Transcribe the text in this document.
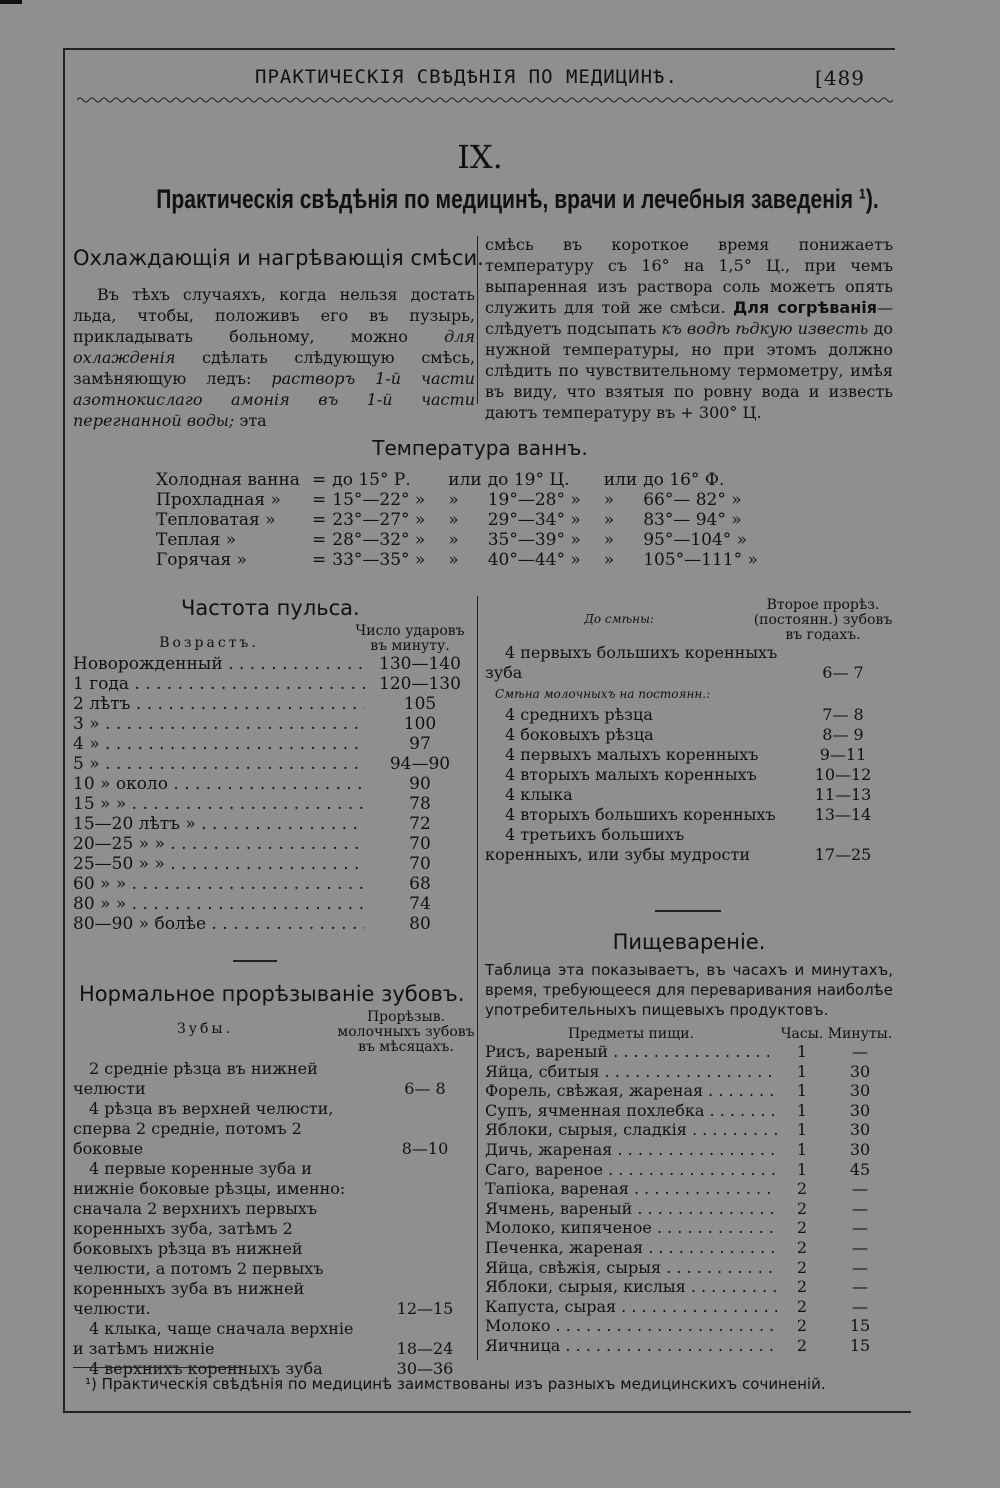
ПРАКТИЧЕСКІЯ СВѢДѢНІЯ ПО МЕДИЦИНѢ.	[489
IX.
Практическія свѣдѣнія по медицинѣ, врачи и лечебныя заведенія ¹).
Охлаждающія и нагрѣвающія смѣси.

Въ тѣхъ случаяхъ, когда нельзя достать льда, чтобы, положивъ его въ пузырь, прикладывать больному, можно для охлажденія сдѣлать слѣдующую смѣсь, замѣняющую ледъ: растворъ 1-й части азотнокислаго амонія въ 1-й части перегнанной воды; эта

смѣсь въ короткое время понижаетъ температуру съ 16° на 1,5° Ц., при чемъ выпаренная изъ раствора соль можетъ опять служить для той же смѣси. Для согрѣванія—слѣдуетъ подсыпать къ водѣ ѣдкую известь до нужной температуры, но при этомъ должно слѣдить по чувствительному термометру, имѣя въ виду, что взятыя по ровну вода и известь даютъ температуру въ + 300° Ц.

Температура ваннъ.
Холодная ванна	=	до 15° Р.	или	до 19° Ц.	или	до 16° Ф.
Прохладная »	=	15°—22° »	»	19°—28° »	»	66°— 82° »
Тепловатая »	=	23°—27° »	»	29°—34° »	»	83°— 94° »
Теплая »	=	28°—32° »	»	35°—39° »	»	95°—104° »
Горячая »	=	33°—35° »	»	40°—44° »	»	105°—111° »
Частота пульса.
Возрастъ.
Число ударовъ въ минуту.
Новорожденный . . .	130—140
1 года . . .	120—130
2 лѣтъ . . .	105
3 » . . .	100
4 » . . .	97
5 » . . .	94—90
10 » около . . .	90
15 » » . . .	78
15—20 лѣтъ » . . .	72
20—25 » » . . .	70
25—50 » » . . .	70
60 » » . . .	68
80 » » . . .	74
80—90 » болѣе . . .	80
Нормальное прорѣзываніе зубовъ.
Зубы.
Прорѣзыв. молочныхъ зубовъ въ мѣсяцахъ.
2 средніе рѣзца въ нижней челюсти	6— 8
4 рѣзца въ верхней челюсти, сперва 2 средніе, потомъ 2 боковые	8—10
4 первые коренные зуба и нижніе боковые рѣзцы, именно: сначала 2 верхнихъ первыхъ коренныхъ зуба, затѣмъ 2 боковыхъ рѣзца въ нижней челюсти, а потомъ 2 первыхъ коренныхъ зуба въ нижней челюсти.	12—15
4 клыка, чаще сначала верхніе и затѣмъ нижніе	18—24
4 верхнихъ коренныхъ зуба	30—36
До смѣны:
Второе прорѣз. (постоянн.) зубовъ въ годахъ.
4 первыхъ большихъ коренныхъ зуба	6— 7
Смѣна молочныхъ на постоянн.:
4 среднихъ рѣзца	7— 8
4 боковыхъ рѣзца	8— 9
4 первыхъ малыхъ коренныхъ	9—11
4 вторыхъ малыхъ коренныхъ	10—12
4 клыка	11—13
4 вторыхъ большихъ коренныхъ	13—14
4 третьихъ большихъ коренныхъ, или зубы мудрости	17—25
Пищевареніе.

Таблица эта показываетъ, въ часахъ и минутахъ, время, требующееся для переваривания наиболѣе употребительныхъ пищевыхъ продуктовъ.

Предметы пищи.	Часы. Минуты.
Рисъ, вареный . . .	1	—
Яйца, сбитыя . . .	1	30
Форель, свѣжая, жареная . . .	1	30
Супъ, ячменная похлебка . . .	1	30
Яблоки, сырыя, сладкія . . .	1	30
Дичь, жареная . . .	1	30
Саго, вареное . . .	1	45
Тапіока, вареная . . .	2	—
Ячмень, вареный . . .	2	—
Молоко, кипяченое . . .	2	—
Печенка, жареная . . .	2	—
Яйца, свѣжія, сырыя . . .	2	—
Яблоки, сырыя, кислыя . . .	2	—
Капуста, сырая . . .	2	—
Молоко . . .	2	15
Яичница . . .	2	15
¹) Практическія свѣдѣнія по медицинѣ заимствованы изъ разныхъ медицинскихъ сочиненій.
